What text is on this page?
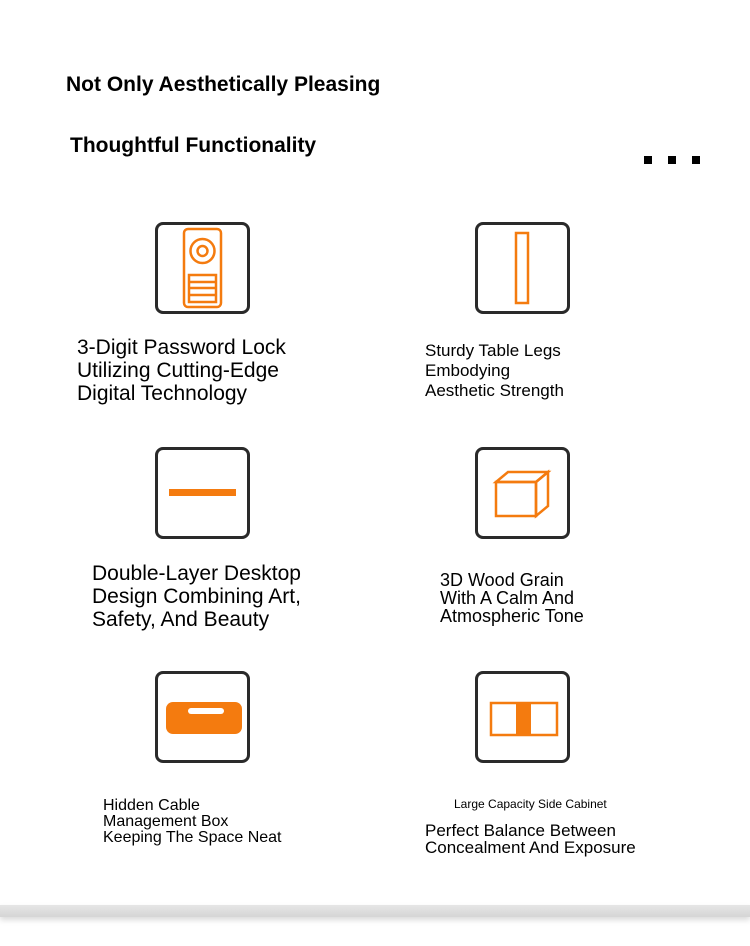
Not Only Aesthetically Pleasing
Thoughtful Functionality
3-Digit Password Lock
Utilizing Cutting-Edge
Digital Technology
Sturdy Table Legs
Embodying
Aesthetic Strength
Double-Layer Desktop
Design Combining Art,
Safety, And Beauty
3D Wood Grain
With A Calm And
Atmospheric Tone
Hidden Cable
Management Box
Keeping The Space Neat
Large Capacity Side Cabinet
Perfect Balance Between
Concealment And Exposure
